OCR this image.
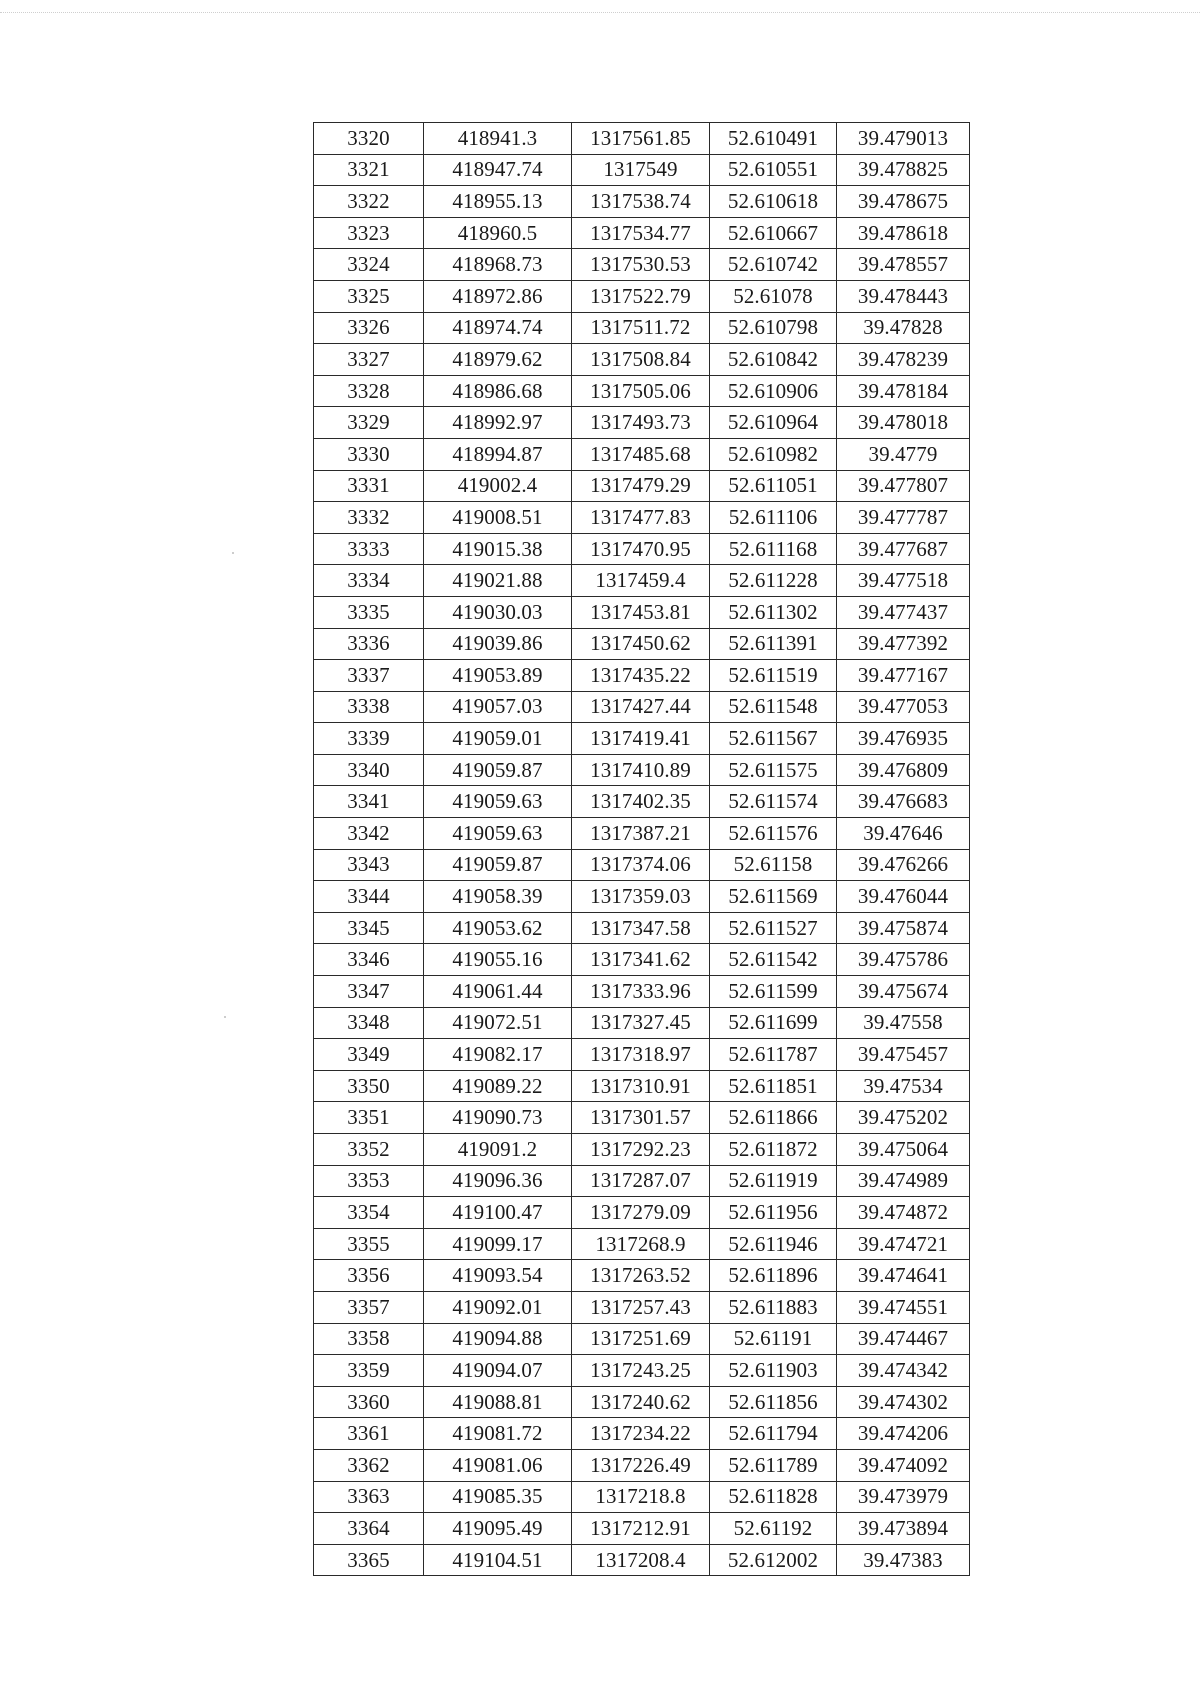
3320	418941.3	1317561.85	52.610491	39.479013
3321	418947.74	1317549	52.610551	39.478825
3322	418955.13	1317538.74	52.610618	39.478675
3323	418960.5	1317534.77	52.610667	39.478618
3324	418968.73	1317530.53	52.610742	39.478557
3325	418972.86	1317522.79	52.61078	39.478443
3326	418974.74	1317511.72	52.610798	39.47828
3327	418979.62	1317508.84	52.610842	39.478239
3328	418986.68	1317505.06	52.610906	39.478184
3329	418992.97	1317493.73	52.610964	39.478018
3330	418994.87	1317485.68	52.610982	39.4779
3331	419002.4	1317479.29	52.611051	39.477807
3332	419008.51	1317477.83	52.611106	39.477787
3333	419015.38	1317470.95	52.611168	39.477687
3334	419021.88	1317459.4	52.611228	39.477518
3335	419030.03	1317453.81	52.611302	39.477437
3336	419039.86	1317450.62	52.611391	39.477392
3337	419053.89	1317435.22	52.611519	39.477167
3338	419057.03	1317427.44	52.611548	39.477053
3339	419059.01	1317419.41	52.611567	39.476935
3340	419059.87	1317410.89	52.611575	39.476809
3341	419059.63	1317402.35	52.611574	39.476683
3342	419059.63	1317387.21	52.611576	39.47646
3343	419059.87	1317374.06	52.61158	39.476266
3344	419058.39	1317359.03	52.611569	39.476044
3345	419053.62	1317347.58	52.611527	39.475874
3346	419055.16	1317341.62	52.611542	39.475786
3347	419061.44	1317333.96	52.611599	39.475674
3348	419072.51	1317327.45	52.611699	39.47558
3349	419082.17	1317318.97	52.611787	39.475457
3350	419089.22	1317310.91	52.611851	39.47534
3351	419090.73	1317301.57	52.611866	39.475202
3352	419091.2	1317292.23	52.611872	39.475064
3353	419096.36	1317287.07	52.611919	39.474989
3354	419100.47	1317279.09	52.611956	39.474872
3355	419099.17	1317268.9	52.611946	39.474721
3356	419093.54	1317263.52	52.611896	39.474641
3357	419092.01	1317257.43	52.611883	39.474551
3358	419094.88	1317251.69	52.61191	39.474467
3359	419094.07	1317243.25	52.611903	39.474342
3360	419088.81	1317240.62	52.611856	39.474302
3361	419081.72	1317234.22	52.611794	39.474206
3362	419081.06	1317226.49	52.611789	39.474092
3363	419085.35	1317218.8	52.611828	39.473979
3364	419095.49	1317212.91	52.61192	39.473894
3365	419104.51	1317208.4	52.612002	39.47383
